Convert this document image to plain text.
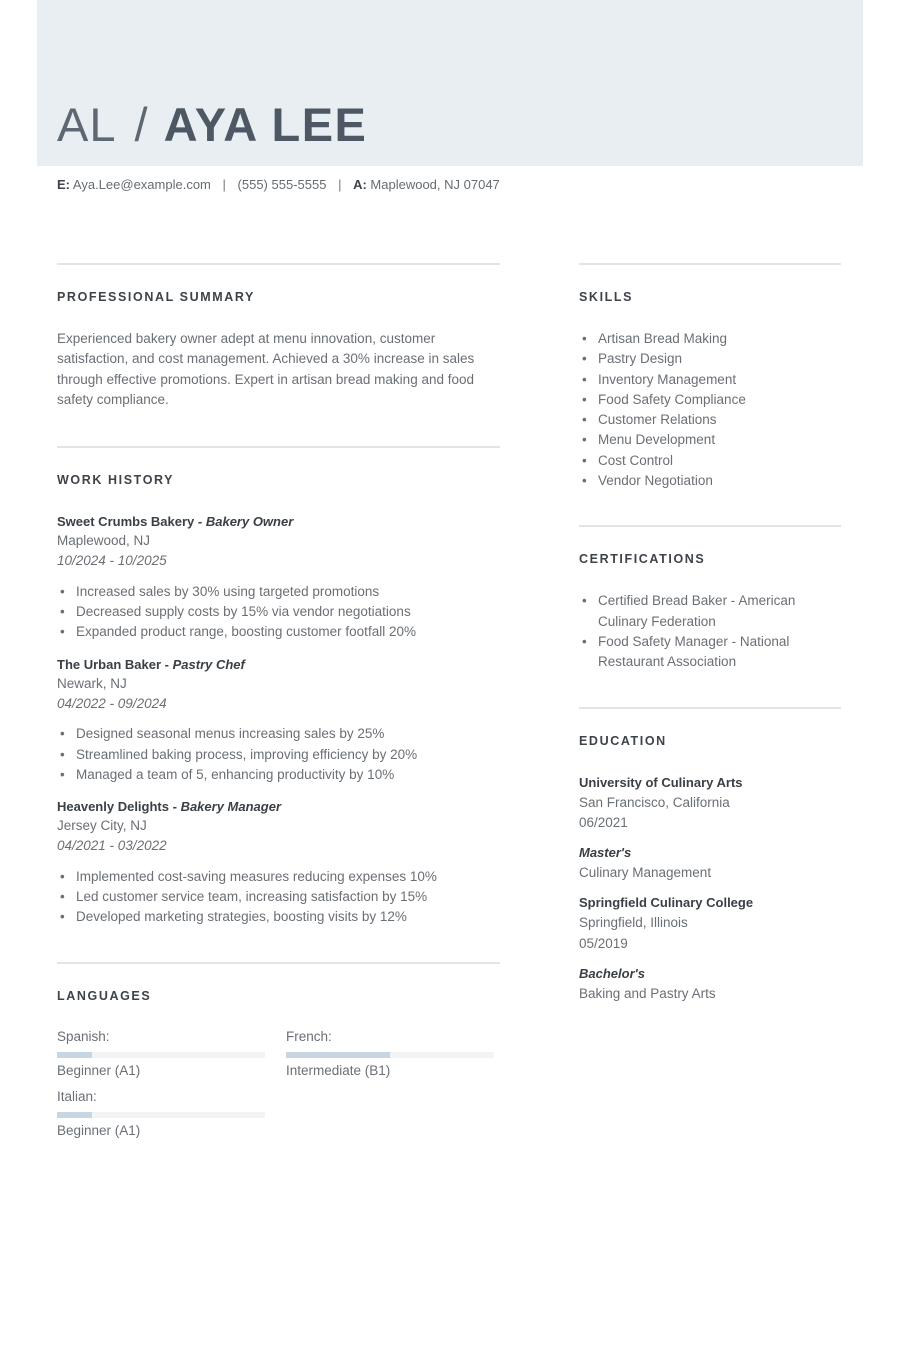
AL / AYA LEE
E: Aya.Lee@example.com | (555) 555-5555 | A: Maplewood, NJ 07047
PROFESSIONAL SUMMARY

Experienced bakery owner adept at menu innovation, customer satisfaction, and cost management. Achieved a 30% increase in sales through effective promotions. Expert in artisan bread making and food safety compliance.

WORK HISTORY
Sweet Crumbs Bakery - Bakery Owner
Maplewood, NJ
10/2024 - 10/2025
• Increased sales by 30% using targeted promotions
• Decreased supply costs by 15% via vendor negotiations
• Expanded product range, boosting customer footfall 20%
The Urban Baker - Pastry Chef
Newark, NJ
04/2022 - 09/2024
• Designed seasonal menus increasing sales by 25%
• Streamlined baking process, improving efficiency by 20%
• Managed a team of 5, enhancing productivity by 10%
Heavenly Delights - Bakery Manager
Jersey City, NJ
04/2021 - 03/2022
• Implemented cost-saving measures reducing expenses 10%
• Led customer service team, increasing satisfaction by 15%
• Developed marketing strategies, boosting visits by 12%
LANGUAGES
Spanish:
Beginner (A1)
French:
Intermediate (B1)
Italian:
Beginner (A1)
SKILLS
• Artisan Bread Making
• Pastry Design
• Inventory Management
• Food Safety Compliance
• Customer Relations
• Menu Development
• Cost Control
• Vendor Negotiation
CERTIFICATIONS
• Certified Bread Baker - American Culinary Federation
• Food Safety Manager - National Restaurant Association
EDUCATION
University of Culinary Arts
San Francisco, California
06/2021
Master's
Culinary Management
Springfield Culinary College
Springfield, Illinois
05/2019
Bachelor's
Baking and Pastry Arts
